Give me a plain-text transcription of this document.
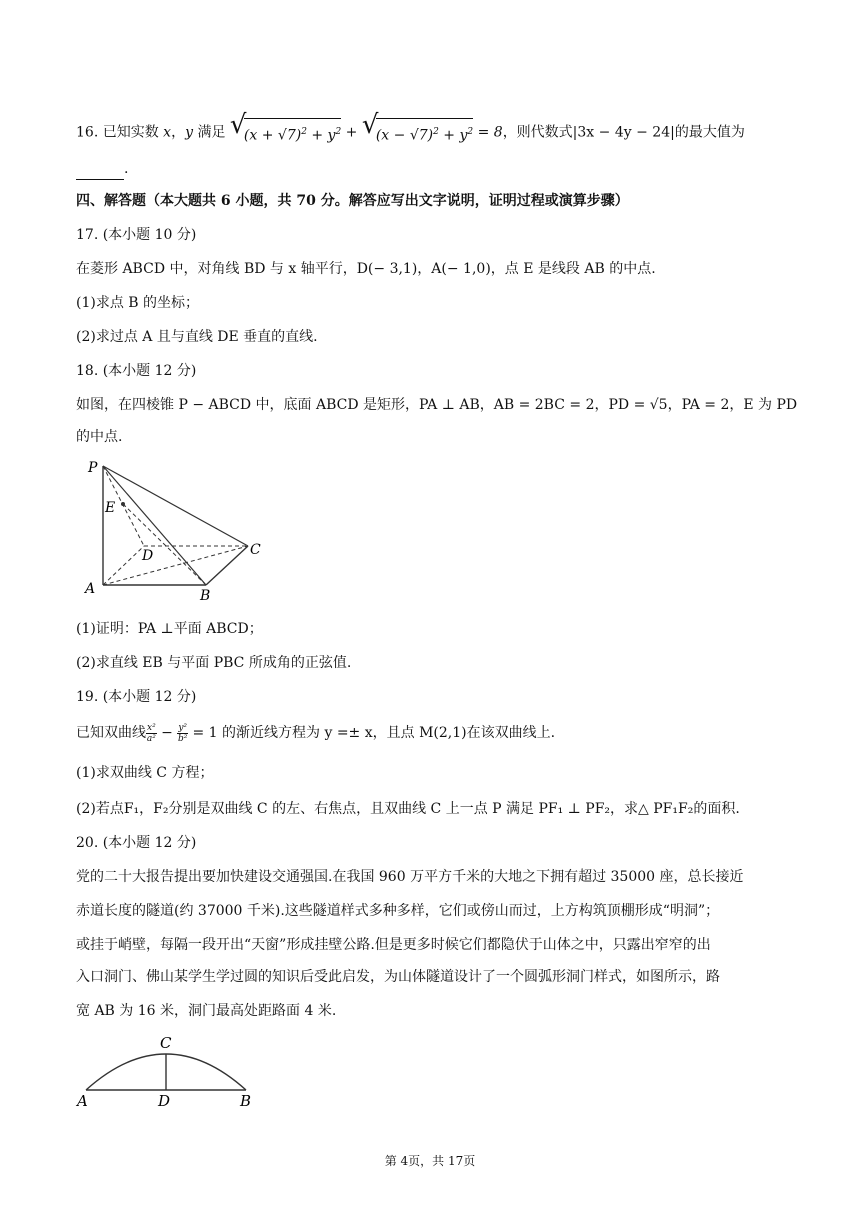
16. 已知实数 x，y 满足 √
$(x + √7)^2 + y^2$ + √
$(x - √7)^2 + y^2 = 8$，则代数式|3x − 4y − 24|的最大值为
.
四、解答题（本大题共 6 小题，共 70 分。解答应写出文字说明，证明过程或演算步骤）
17. (本小题 10 分)
在菱形 ABCD 中，对角线 BD 与 x 轴平行，D(− 3,1)，A(− 1,0)，点 E 是线段 AB 的中点.
(1)求点 B 的坐标；
(2)求过点 A 且与直线 DE 垂直的直线.
18. (本小题 12 分)
如图，在四棱锥 P − ABCD 中，底面 ABCD 是矩形，PA ⊥ AB，AB = 2BC = 2，PD = √5，PA = 2，E 为 PD
的中点.
P
E
D	C
A	B
(1)证明：PA ⊥平面 ABCD；
(2)求直线 EB 与平面 PBC 所成角的正弦值.
19. (本小题 12 分)
已知双曲线 $\frac{\text{x²}}{\text{a²}} - \frac{\text{y²}}{\text{b²}} = 1$ 的渐近线方程为 y =± x，且点 M(2,1)在该双曲线上.
(1)求双曲线 C 方程；
(2)若点F₁，F₂分别是双曲线 C 的左、右焦点，且双曲线 C 上一点 P 满足 PF₁ ⊥ PF₂，求△ PF₁F₂的面积.
20. (本小题 12 分)
党的二十大报告提出要加快建设交通强国.在我国 960 万平方千米的大地之下拥有超过 35000 座，总长接近
赤道长度的隧道(约 37000 千米).这些隧道样式多种多样，它们或傍山而过，上方构筑顶棚形成“明洞”；
或挂于峭壁，每隔一段开出“天窗”形成挂壁公路.但是更多时候它们都隐伏于山体之中，只露出窄窄的出
入口洞门、佛山某学生学过圆的知识后受此启发，为山体隧道设计了一个圆弧形洞门样式，如图所示，路
宽 AB 为 16 米，洞门最高处距路面 4 米.
C
A	D	B
第 4页，共 17页
